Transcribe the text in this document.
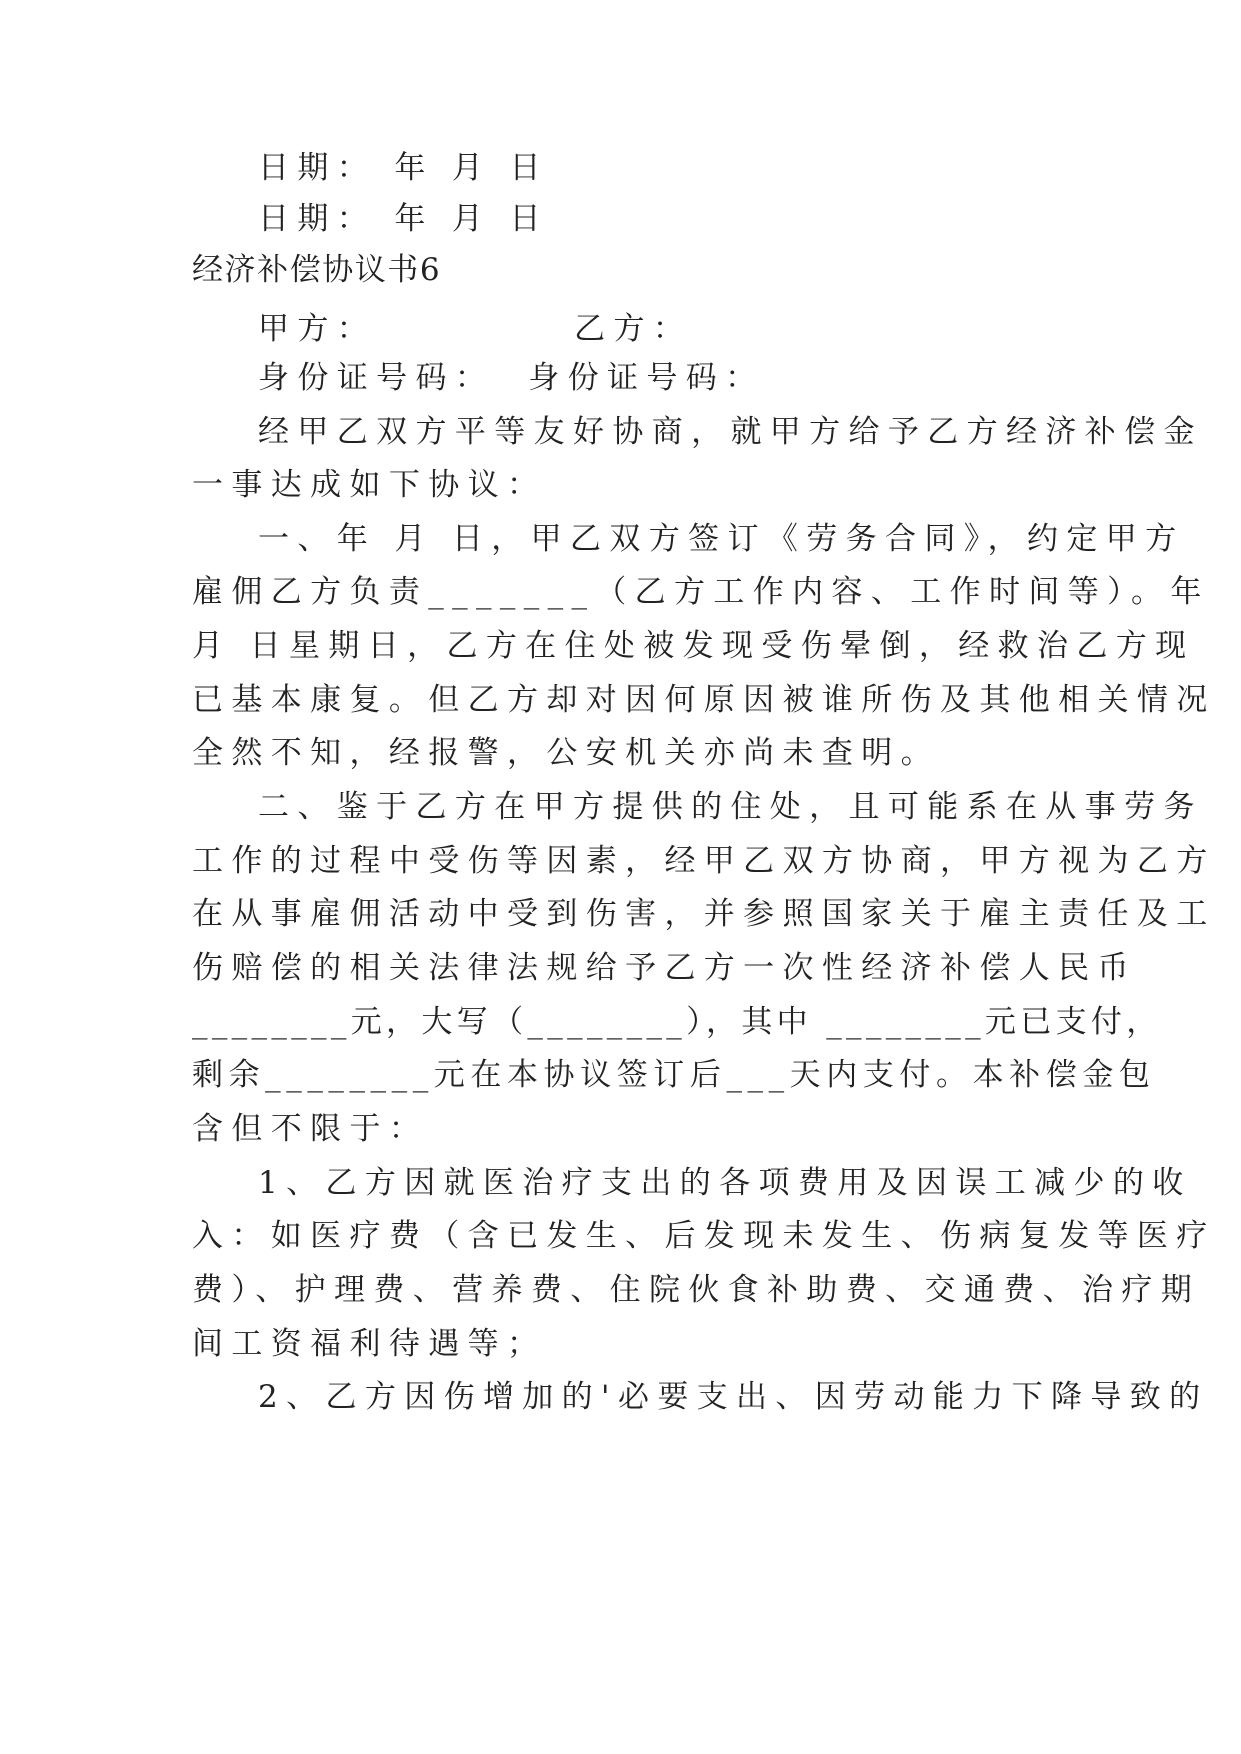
日期： 年 月 日
日期： 年 月 日
经济补偿协议书6
甲方：	乙方：
身份证号码： 身份证号码：
经甲乙双方平等友好协商，就甲方给予乙方经济补偿金
一事达成如下协议：
一、年 月 日，甲乙双方签订《劳务合同》，约定甲方
雇佣乙方负责_______（乙方工作内容、工作时间等）。年
月 日星期日，乙方在住处被发现受伤晕倒，经救治乙方现
已基本康复。但乙方却对因何原因被谁所伤及其他相关情况
全然不知，经报警，公安机关亦尚未查明。
二、鉴于乙方在甲方提供的住处，且可能系在从事劳务
工作的过程中受伤等因素，经甲乙双方协商，甲方视为乙方
在从事雇佣活动中受到伤害，并参照国家关于雇主责任及工
伤赔偿的相关法律法规给予乙方一次性经济补偿人民币
________元，大写（________），其中 ________元已支付，
剩余________元在本协议签订后___天内支付。本补偿金包
含但不限于：
1、乙方因就医治疗支出的各项费用及因误工减少的收
入：如医疗费（含已发生、后发现未发生、伤病复发等医疗
费）、护理费、营养费、住院伙食补助费、交通费、治疗期
间工资福利待遇等；
2、乙方因伤增加的'必要支出、因劳动能力下降导致的
